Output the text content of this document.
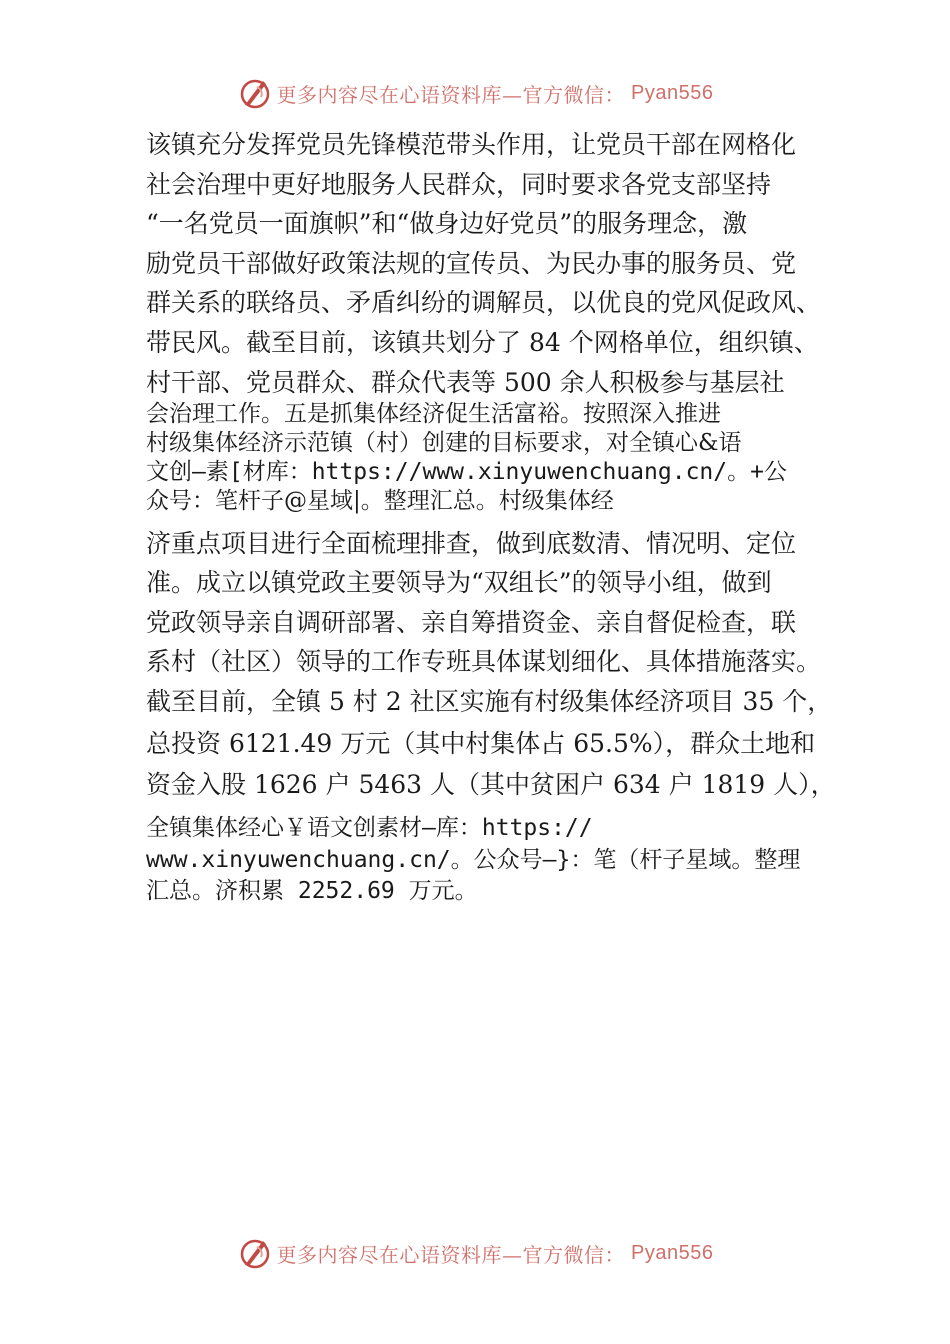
更多内容尽在心语资料库—官方微信： Pyan556
该镇充分发挥党员先锋模范带头作用，让党员干部在网格化
社会治理中更好地服务人民群众，同时要求各党支部坚持
“一名党员一面旗帜”和“做身边好党员”的服务理念，激
励党员干部做好政策法规的宣传员、为民办事的服务员、党
群关系的联络员、矛盾纠纷的调解员，以优良的党风促政风、
带民风。截至目前，该镇共划分了 84 个网格单位，组织镇、
村干部、党员群众、群众代表等 500 余人积极参与基层社
会治理工作。五是抓集体经济促生活富裕。按照深入推进
村级集体经济示范镇（村）创建的目标要求，对全镇心&语
文创—素[材库：https://www.xinyuwenchuang.cn/。+公
众号：笔杆子@星域|。整理汇总。村级集体经
济重点项目进行全面梳理排查，做到底数清、情况明、定位
准。成立以镇党政主要领导为“双组长”的领导小组，做到
党政领导亲自调研部署、亲自筹措资金、亲自督促检查，联
系村（社区）领导的工作专班具体谋划细化、具体措施落实。
截至目前，全镇 5 村 2 社区实施有村级集体经济项目 35 个，
总投资 6121.49 万元（其中村集体占 65.5%），群众土地和
资金入股 1626 户 5463 人（其中贫困户 634 户 1819 人），
全镇集体经心￥语文创素材—库：https://
www.xinyuwenchuang.cn/。公众号—}：笔（杆子星域。整理
汇总。济积累 2252.69 万元。
更多内容尽在心语资料库—官方微信： Pyan556
